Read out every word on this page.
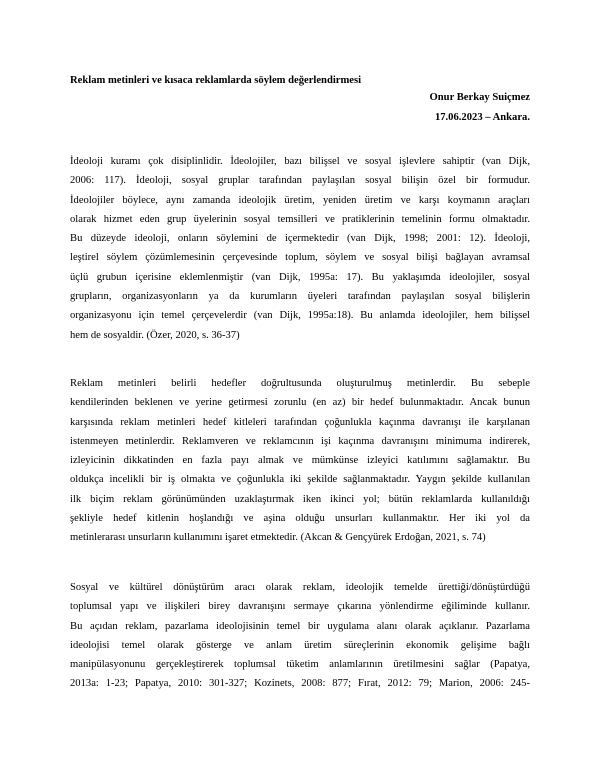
Reklam metinleri ve kısaca reklamlarda söylem değerlendirmesi

Onur Berkay Suiçmez
17.06.2023 – Ankara.
İdeoloji kuramı çok disiplinlidir. İdeolojiler, bazı bilişsel ve sosyal işlevlere sahiptir (van Dijk,
2006: 117). İdeoloji, sosyal gruplar tarafından paylaşılan sosyal bilişin özel bir formudur.
İdeolojiler böylece, aynı zamanda ideolojik üretim, yeniden üretim ve karşı koymanın araçları
olarak hizmet eden grup üyelerinin sosyal temsilleri ve pratiklerinin temelinin formu olmaktadır.
Bu düzeyde ideoloji, onların söylemini de içermektedir (van Dijk, 1998; 2001: 12). İdeoloji,
leştirel söylem çözümlemesinin çerçevesinde toplum, söylem ve sosyal bilişi bağlayan avramsal
üçlü grubun içerisine eklemlenmiştir (van Dijk, 1995a: 17). Bu yaklaşımda ideolojiler, sosyal
grupların, organizasyonların ya da kurumların üyeleri tarafından paylaşılan sosyal bilişlerin
organizasyonu için temel çerçevelerdir (van Dijk, 1995a:18). Bu anlamda ideolojiler, hem bilişsel
hem de sosyaldir. (Özer, 2020, s. 36-37)
Reklam metinleri belirli hedefler doğrultusunda oluşturulmuş metinlerdir. Bu sebeple
kendilerinden beklenen ve yerine getirmesi zorunlu (en az) bir hedef bulunmaktadır. Ancak bunun
karşısında reklam metinleri hedef kitleleri tarafından çoğunlukla kaçınma davranışı ile karşılanan
istenmeyen metinlerdir. Reklamveren ve reklamcının işi kaçınma davranışını minimuma indirerek,
izleyicinin dikkatinden en fazla payı almak ve mümkünse izleyici katılımını sağlamaktır. Bu
oldukça incelikli bir iş olmakta ve çoğunlukla iki şekilde sağlanmaktadır. Yaygın şekilde kullanılan
ilk biçim reklam görünümünden uzaklaştırmak iken ikinci yol; bütün reklamlarda kullanıldığı
şekliyle hedef kitlenin hoşlandığı ve aşina olduğu unsurları kullanmaktır. Her iki yol da
metinlerarası unsurların kullanımını işaret etmektedir. (Akcan & Gençyürek Erdoğan, 2021, s. 74)
Sosyal ve kültürel dönüştürüm aracı olarak reklam, ideolojik temelde ürettiği/dönüştürdüğü
toplumsal yapı ve ilişkileri birey davranışını sermaye çıkarına yönlendirme eğiliminde kullanır.
Bu açıdan reklam, pazarlama ideolojisinin temel bir uygulama alanı olarak açıklanır. Pazarlama
ideolojisi temel olarak gösterge ve anlam üretim süreçlerinin ekonomik gelişime bağlı
manipülasyonunu gerçekleştirerek toplumsal tüketim anlamlarının üretilmesini sağlar (Papatya,
2013a: 1-23; Papatya, 2010: 301-327; Kozinets, 2008: 877; Fırat, 2012: 79; Marion, 2006: 245-
